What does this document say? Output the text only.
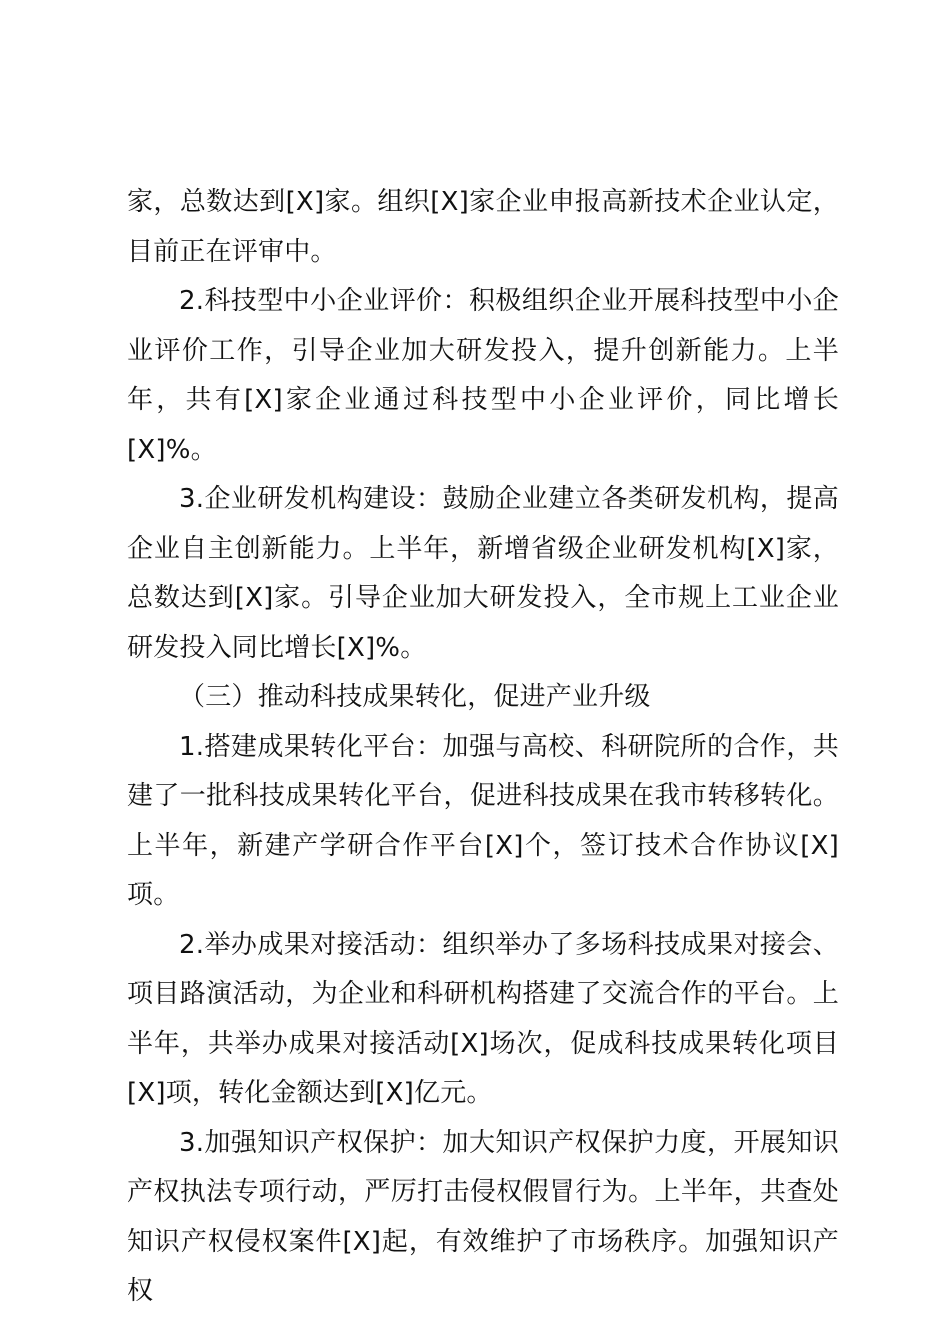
家，总数达到[X]家。组织[X]家企业申报高新技术企业认定，目前正在评审中。

2.科技型中小企业评价：积极组织企业开展科技型中小企业评价工作，引导企业加大研发投入，提升创新能力。上半年，共有[X]家企业通过科技型中小企业评价，同比增长[X]%。

3.企业研发机构建设：鼓励企业建立各类研发机构，提高企业自主创新能力。上半年，新增省级企业研发机构[X]家，总数达到[X]家。引导企业加大研发投入，全市规上工业企业研发投入同比增长[X]%。

（三）推动科技成果转化，促进产业升级

1.搭建成果转化平台：加强与高校、科研院所的合作，共建了一批科技成果转化平台，促进科技成果在我市转移转化。上半年，新建产学研合作平台[X]个，签订技术合作协议[X]项。

2.举办成果对接活动：组织举办了多场科技成果对接会、项目路演活动，为企业和科研机构搭建了交流合作的平台。上半年，共举办成果对接活动[X]场次，促成科技成果转化项目[X]项，转化金额达到[X]亿元。

3.加强知识产权保护：加大知识产权保护力度，开展知识产权执法专项行动，严厉打击侵权假冒行为。上半年，共查处知识产权侵权案件[X]起，有效维护了市场秩序。加强知识产权
